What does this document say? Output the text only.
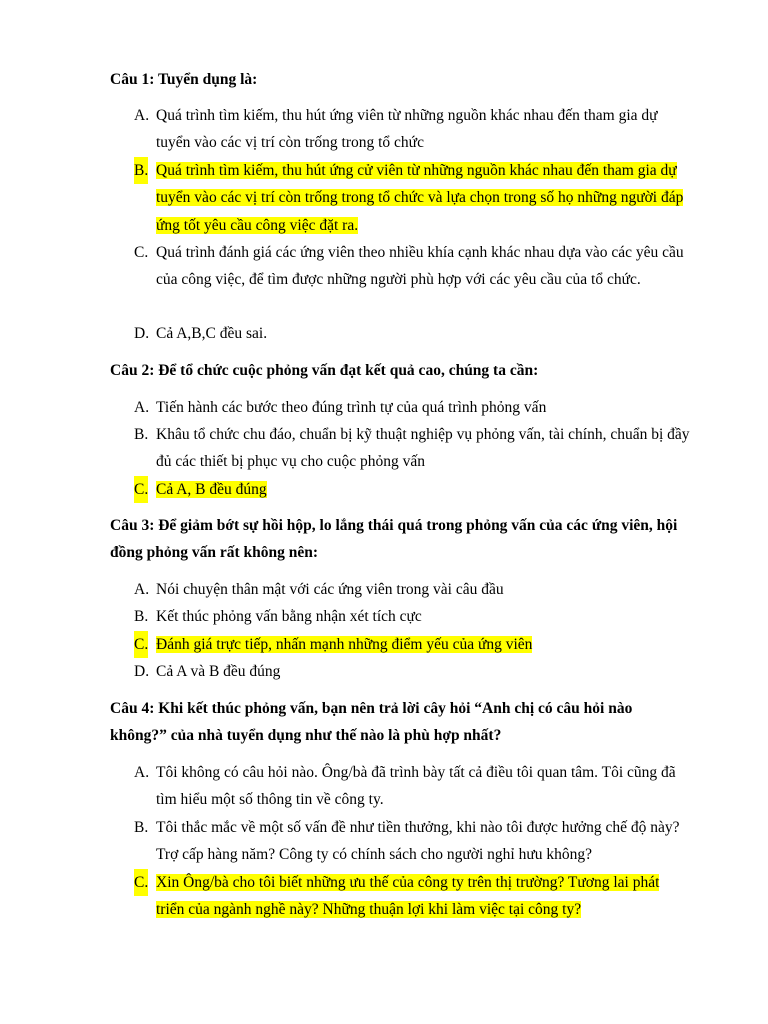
Câu 1: Tuyển dụng là:
A. Quá trình tìm kiếm, thu hút ứng viên từ những nguồn khác nhau đến tham gia dự tuyển vào các vị trí còn trống trong tổ chức
B. Quá trình tìm kiếm, thu hút ứng cử viên từ những nguồn khác nhau đến tham gia dự tuyển vào các vị trí còn trống trong tổ chức và lựa chọn trong số họ những người đáp ứng tốt yêu cầu công việc đặt ra.
C. Quá trình đánh giá các ứng viên theo nhiều khía cạnh khác nhau dựa vào các yêu cầu của công việc, để tìm được những người phù hợp với các yêu cầu của tổ chức.
D. Cả A,B,C đều sai.
Câu 2: Để tổ chức cuộc phỏng vấn đạt kết quả cao, chúng ta cần:
A. Tiến hành các bước theo đúng trình tự của quá trình phỏng vấn
B. Khâu tổ chức chu đáo, chuẩn bị kỹ thuật nghiệp vụ phỏng vấn, tài chính, chuẩn bị đầy đủ các thiết bị phục vụ cho cuộc phỏng vấn
C. Cả A, B đều đúng
Câu 3: Để giảm bớt sự hồi hộp, lo lắng thái quá trong phỏng vấn của các ứng viên, hội đồng phỏng vấn rất không nên:
A. Nói chuyện thân mật với các ứng viên trong vài câu đầu
B. Kết thúc phỏng vấn bằng nhận xét tích cực
C. Đánh giá trực tiếp, nhấn mạnh những điểm yếu của ứng viên
D. Cả A và B đều đúng
Câu 4: Khi kết thúc phỏng vấn, bạn nên trả lời cây hỏi “Anh chị có câu hỏi nào không?” của nhà tuyển dụng như thế nào là phù hợp nhất?
A. Tôi không có câu hỏi nào. Ông/bà đã trình bày tất cả điều tôi quan tâm. Tôi cũng đã tìm hiểu một số thông tin về công ty.
B. Tôi thắc mắc về một số vấn đề như tiền thưởng, khi nào tôi được hưởng chế độ này? Trợ cấp hàng năm? Công ty có chính sách cho người nghỉ hưu không?
C. Xin Ông/bà cho tôi biết những ưu thế của công ty trên thị trường? Tương lai phát triển của ngành nghề này? Những thuận lợi khi làm việc tại công ty?
